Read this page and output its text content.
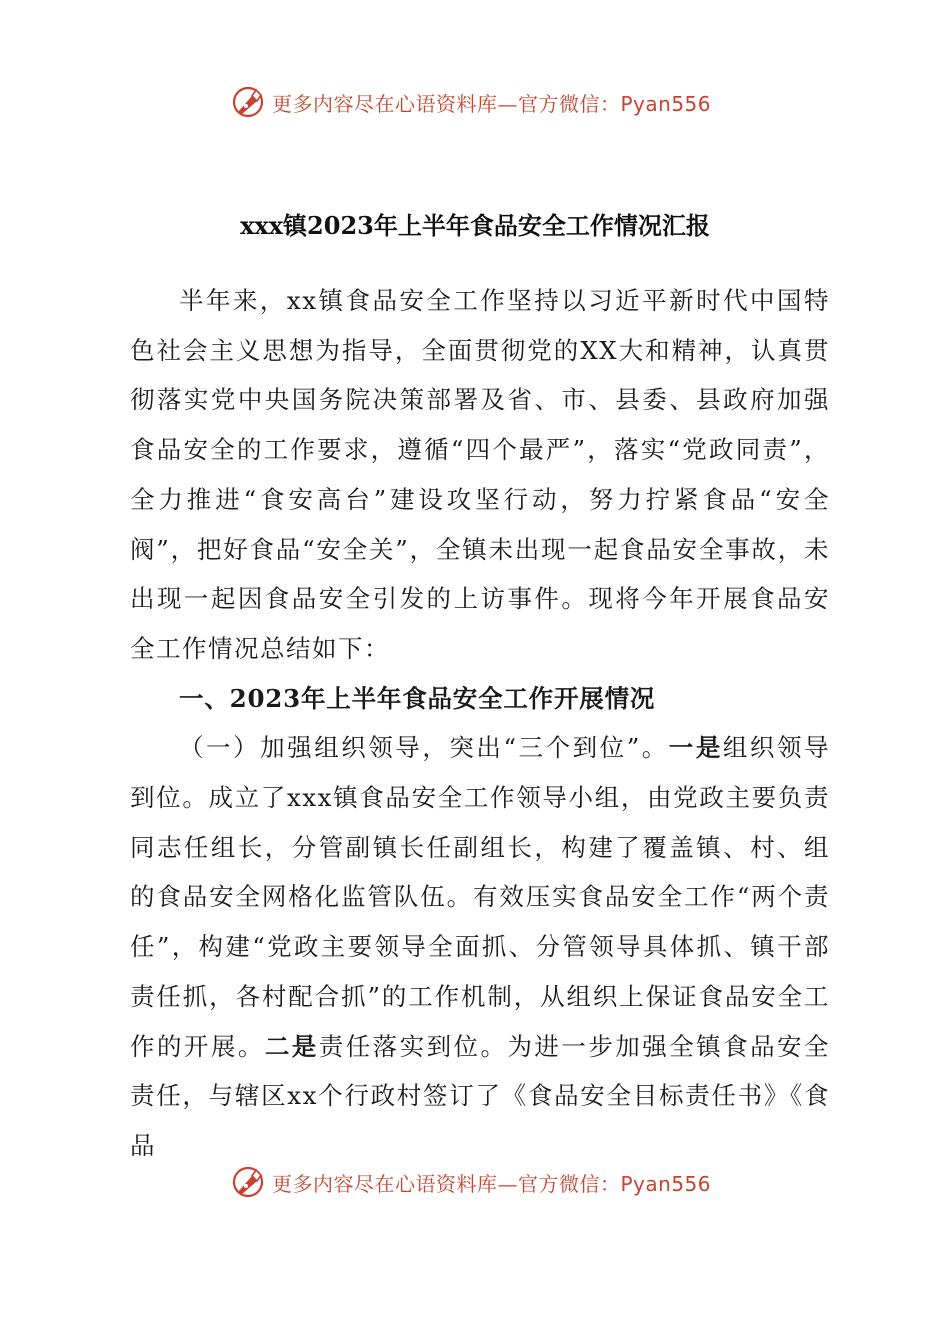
更多内容尽在心语资料库—官方微信：Pyan556
xxx镇2023年上半年食品安全工作情况汇报

半年来，xx镇食品安全工作坚持以习近平新时代中国特色社会主义思想为指导，全面贯彻党的XX大和精神，认真贯彻落实党中央国务院决策部署及省、市、县委、县政府加强食品安全的工作要求，遵循“四个最严”，落实“党政同责”，全力推进“食安高台”建设攻坚行动，努力拧紧食品“安全阀”，把好食品“安全关”，全镇未出现一起食品安全事故，未出现一起因食品安全引发的上访事件。现将今年开展食品安全工作情况总结如下：

一、2023年上半年食品安全工作开展情况

（一）加强组织领导，突出“三个到位”。一是组织领导到位。成立了xxx镇食品安全工作领导小组，由党政主要负责同志任组长，分管副镇长任副组长，构建了覆盖镇、村、组的食品安全网格化监管队伍。有效压实食品安全工作“两个责任”，构建“党政主要领导全面抓、分管领导具体抓、镇干部责任抓，各村配合抓”的工作机制，从组织上保证食品安全工作的开展。二是责任落实到位。为进一步加强全镇食品安全责任，与辖区xx个行政村签订了《食品安全目标责任书》《食品

更多内容尽在心语资料库—官方微信：Pyan556
